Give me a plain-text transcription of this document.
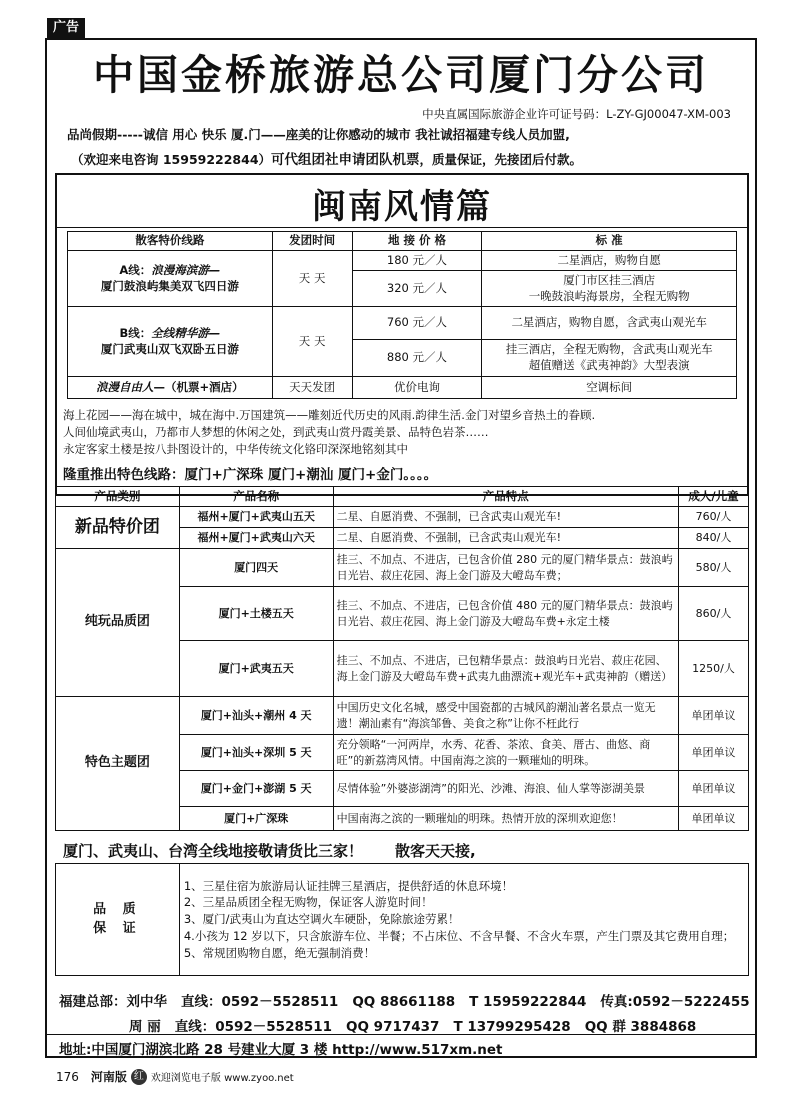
广告
中国金桥旅游总公司厦门分公司
中央直属国际旅游企业许可证号码：L-ZY-GJ00047-XM-003
品尚假期-----诚信 用心 快乐 厦.门——座美的让你感动的城市 我社诚招福建专线人员加盟,
（欢迎来电咨询 15959222844）可代组团社申请团队机票，质量保证，先接团后付款。
闽南风情篇
散客特价线路	发团时间	地 接 价 格	标 准
A线：浪漫海滨游—
厦门鼓浪屿集美双飞四日游	天 天	180 元／人	二星酒店，购物自愿
		320 元／人	厦门市区挂三酒店
一晚鼓浪屿海景房，全程无购物
B线：全线精华游—
厦门武夷山双飞双卧五日游	天 天	760 元／人	二星酒店，购物自愿，含武夷山观光车
		880 元／人	挂三酒店，全程无购物，含武夷山观光车
超值赠送《武夷神韵》大型表演
浪漫自由人—（机票+酒店）	天天发团	优价电询	空调标间
海上花园——海在城中，城在海中.万国建筑——雕刻近代历史的风雨.韵律生活.金门对望乡音热土的眷顾.
人间仙境武夷山，乃都市人梦想的休闲之处，到武夷山赏丹霞美景、品特色岩茶……
永定客家土楼是按八卦图设计的，中华传统文化铬印深深地铭刻其中
隆重推出特色线路：厦门+广深珠 厦门+潮汕 厦门+金门。。。。
产品类别	产品名称	产品特点	成人/儿童
新品特价团	福州+厦门+武夷山五天	二星、自愿消费、不强制，已含武夷山观光车!	760/人
	福州+厦门+武夷山六天	二星、自愿消费、不强制，已含武夷山观光车!	840/人
纯玩品质团	厦门四天	挂三、不加点、不进店，已包含价值 280 元的厦门精华景点：鼓浪屿日光岩、菽庄花园、海上金门游及大嶝岛车费；	580/人
	厦门+土楼五天	挂三、不加点、不进店，已包含价值 480 元的厦门精华景点：鼓浪屿日光岩、菽庄花园、海上金门游及大嶝岛车费+永定土楼	860/人
	厦门+武夷五天	挂三、不加点、不进店，已包精华景点：鼓浪屿日光岩、菽庄花园、海上金门游及大嶝岛车费+武夷九曲漂流+观光车+武夷神韵（赠送）	1250/人
特色主题团	厦门+汕头+潮州 4 天	中国历史文化名城，感受中国瓷都的古城风韵潮汕著名景点一览无遗！潮汕素有“海滨邹鲁、美食之称”让你不枉此行	单团单议
	厦门+汕头+深圳 5 天	充分领略“一河两岸，水秀、花香、茶浓、食美、厝古、曲悠、商旺”的新荔湾风情。中国南海之滨的一颗璀灿的明珠。	单团单议
	厦门+金门+澎湖 5 天	尽情体验”外婆澎湖湾”的阳光、沙滩、海浪、仙人掌等澎湖美景	单团单议
	厦门+广深珠	中国南海之滨的一颗璀灿的明珠。热情开放的深圳欢迎您！	单团单议
厦门、武夷山、台湾全线地接敬请货比三家！ 散客天天接,
品 质
保 证	
1、三星住宿为旅游局认证挂牌三星酒店，提供舒适的休息环境！
2、三星品质团全程无购物，保证客人游览时间！
3、厦门/武夷山为直达空调火车硬卧，免除旅途劳累！
4.小孩为 12 岁以下，只含旅游车位、半餐；不占床位、不含早餐、不含火车票，产生门票及其它费用自理；
5、常规团购物自愿，绝无强制消费！
福建总部：刘中华 直线：0592－5528511 QQ 88661188 T 15959222844 传真:0592－5222455
周 丽 直线：0592－5528511 QQ 9717437 T 13799295428 QQ 群 3884868
地址:中国厦门湖滨北路 28 号建业大厦 3 楼 http://www.517xm.net
176 河南版 红 欢迎浏览电子版 www.zyoo.net
